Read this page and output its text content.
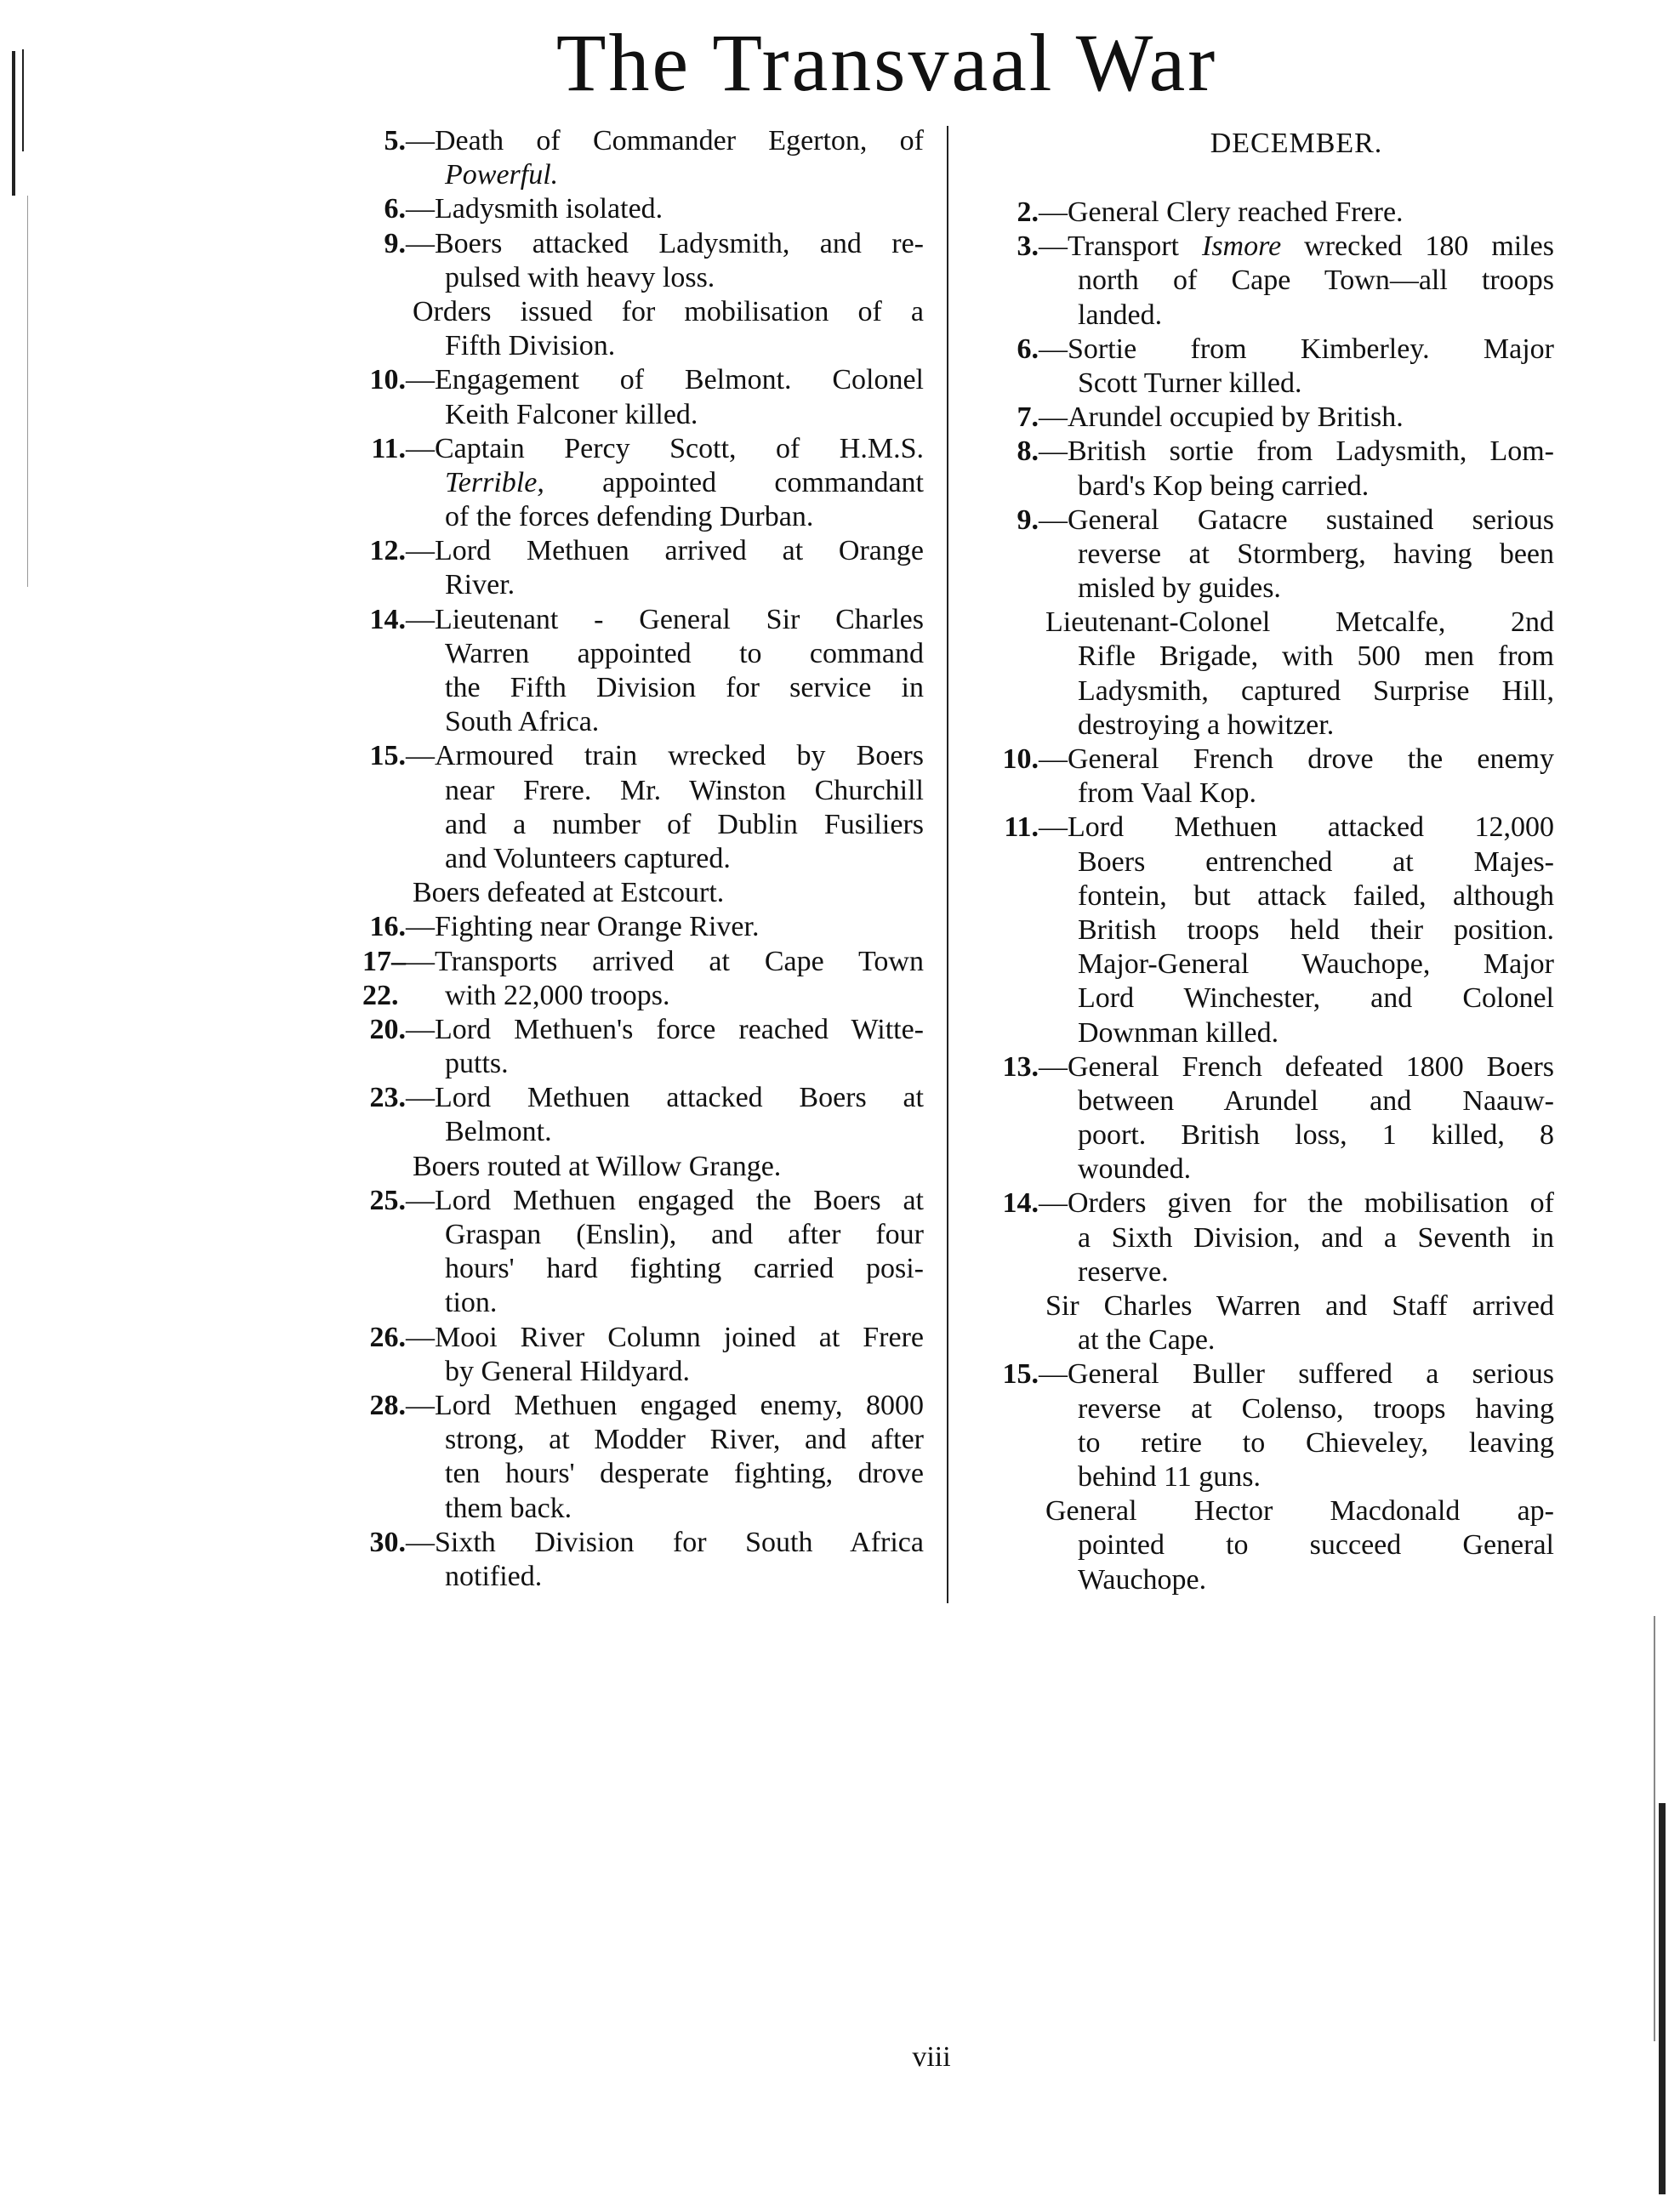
The Transvaal War
5. —Death of Commander Egerton, of
Powerful.
6. —Ladysmith isolated.
9. —Boers attacked Ladysmith, and re-
pulsed with heavy loss.
Orders issued for mobilisation of a
Fifth Division.
10. —Engagement of Belmont. Colonel
Keith Falconer killed.
11. —Captain Percy Scott, of H.M.S.
Terrible, appointed commandant
of the forces defending Durban.
12. —Lord Methuen arrived at Orange
River.
14. —Lieutenant - General Sir Charles
Warren appointed to command
the Fifth Division for service in
South Africa.
15. —Armoured train wrecked by Boers
near Frere. Mr. Winston Churchill
and a number of Dublin Fusiliers
and Volunteers captured.
Boers defeated at Estcourt.
16. —Fighting near Orange River.
17–22.
—Transports arrived at Cape Town
with 22,000 troops.
20. —Lord Methuen's force reached Witte-
putts.
23. —Lord Methuen attacked Boers at
Belmont.
Boers routed at Willow Grange.
25. —Lord Methuen engaged the Boers at
Graspan (Enslin), and after four
hours' hard fighting carried posi-
tion.
26. —Mooi River Column joined at Frere
by General Hildyard.
28. —Lord Methuen engaged enemy, 8000
strong, at Modder River, and after
ten hours' desperate fighting, drove
them back.
30. —Sixth Division for South Africa
notified.
DECEMBER.
2. —General Clery reached Frere.
3. —Transport Ismore wrecked 180 miles
north of Cape Town—all troops
landed.
6. —Sortie from Kimberley. Major
Scott Turner killed.
7. —Arundel occupied by British.
8. —British sortie from Ladysmith, Lom-
bard's Kop being carried.
9. —General Gatacre sustained serious
reverse at Stormberg, having been
misled by guides.
Lieutenant-Colonel Metcalfe, 2nd
Rifle Brigade, with 500 men from
Ladysmith, captured Surprise Hill,
destroying a howitzer.
10. —General French drove the enemy
from Vaal Kop.
11. —Lord Methuen attacked 12,000
Boers entrenched at Majes-
fontein, but attack failed, although
British troops held their position.
Major-General Wauchope, Major
Lord Winchester, and Colonel
Downman killed.
13. —General French defeated 1800 Boers
between Arundel and Naauw-
poort. British loss, 1 killed, 8
wounded.
14. —Orders given for the mobilisation of
a Sixth Division, and a Seventh in
reserve.
Sir Charles Warren and Staff arrived
at the Cape.
15. —General Buller suffered a serious
reverse at Colenso, troops having
to retire to Chieveley, leaving
behind 11 guns.
General Hector Macdonald ap-
pointed to succeed General
Wauchope.
viii
